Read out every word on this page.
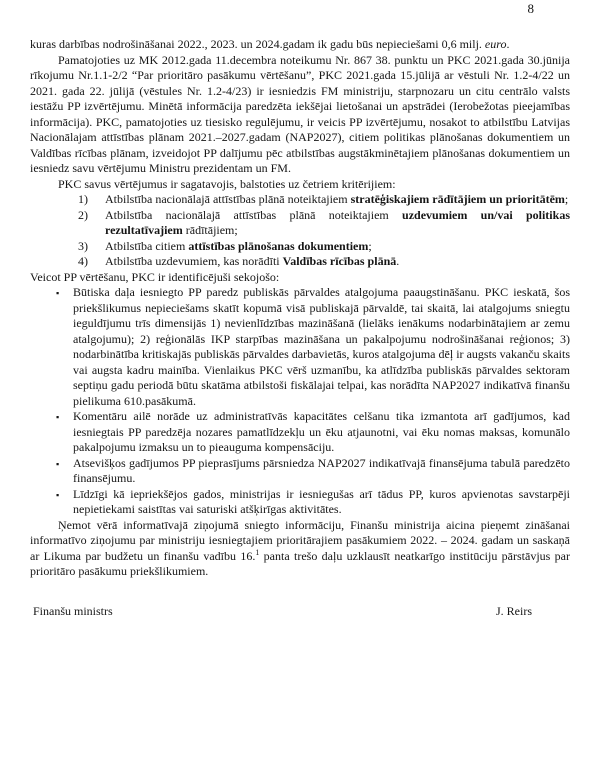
8

kuras darbības nodrošināšanai 2022., 2023. un 2024.gadam ik gadu būs nepieciešami 0,6 milj. euro.

Pamatojoties uz MK 2012.gada 11.decembra noteikumu Nr. 867 38. punktu un PKC 2021.gada 30.jūnija rīkojumu Nr.1.1-2/2 “Par prioritāro pasākumu vērtēšanu”, PKC 2021.gada 15.jūlijā ar vēstuli Nr. 1.2-4/22 un 2021. gada 22. jūlijā (vēstules Nr. 1.2-4/23) ir iesniedzis FM ministriju, starpnozaru un citu centrālo valsts iestāžu PP izvērtējumu. Minētā informācija paredzēta iekšējai lietošanai un apstrādei (Ierobežotas pieejamības informācija). PKC, pamatojoties uz tiesisko regulējumu, ir veicis PP izvērtējumu, nosakot to atbilstību Latvijas Nacionālajam attīstības plānam 2021.–2027.gadam (NAP2027), citiem politikas plānošanas dokumentiem un Valdības rīcības plānam, izveidojot PP dalījumu pēc atbilstības augstākminētajiem plānošanas dokumentiem un iesniedz savu vērtējumu Ministru prezidentam un FM.

PKC savus vērtējumus ir sagatavojis, balstoties uz četriem kritērijiem:

1) Atbilstība nacionālajā attīstības plānā noteiktajiem stratēģiskajiem rādītājiem un prioritātēm;
2) Atbilstība nacionālajā attīstības plānā noteiktajiem uzdevumiem un/vai politikas rezultatīvajiem rādītājiem;
3) Atbilstība citiem attīstības plānošanas dokumentiem;
4) Atbilstība uzdevumiem, kas norādīti Valdības rīcības plānā.

Veicot PP vērtēšanu, PKC ir identificējuši sekojošo:

▪ Būtiska daļa iesniegto PP paredz publiskās pārvaldes atalgojuma paaugstināšanu. PKC ieskatā, šos priekšlikumus nepieciešams skatīt kopumā visā publiskajā pārvaldē, tai skaitā, lai atalgojums sniegtu ieguldījumu trīs dimensijās 1) nevienlīdzības mazināšanā (lielāks ienākums nodarbinātajiem ar zemu atalgojumu); 2) reģionālās IKP starpības mazināšana un pakalpojumu nodrošināšanai reģionos; 3) nodarbinātība kritiskajās publiskās pārvaldes darbavietās, kuros atalgojuma dēļ ir augsts vakanču skaits vai augsta kadru mainība. Vienlaikus PKC vērš uzmanību, ka atlīdzība publiskās pārvaldes sektoram septiņu gadu periodā būtu skatāma atbilstoši fiskālajai telpai, kas norādīta NAP2027 indikatīvā finanšu pielikuma 610.pasākumā.
▪ Komentāru ailē norāde uz administratīvās kapacitātes celšanu tika izmantota arī gadījumos, kad iesniegtais PP paredzēja nozares pamatlīdzekļu un ēku atjaunotni, vai ēku nomas maksas, komunālo pakalpojumu izmaksu un to pieauguma kompensāciju.
▪ Atsevišķos gadījumos PP pieprasījums pārsniedza NAP2027 indikatīvajā finansējuma tabulā paredzēto finansējumu.
▪ Līdzīgi kā iepriekšējos gados, ministrijas ir iesniegušas arī tādus PP, kuros apvienotas savstarpēji nepietiekami saistītas vai saturiski atšķirīgas aktivitātes.

Ņemot vērā informatīvajā ziņojumā sniegto informāciju, Finanšu ministrija aicina pieņemt zināšanai informatīvo ziņojumu par ministriju iesniegtajiem prioritārajiem pasākumiem 2022. – 2024. gadam un saskaņā ar Likuma par budžetu un finanšu vadību 16.$^1$ panta trešo daļu uzklausīt neatkarīgo institūciju pārstāvjus par prioritāro pasākumu priekšlikumiem.

Finanšu ministrs	J. Reirs
